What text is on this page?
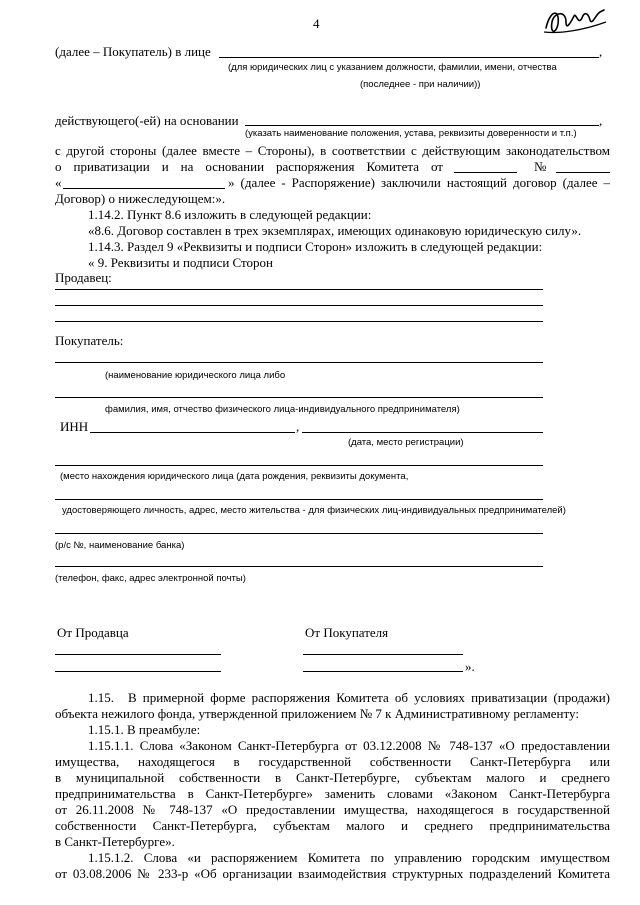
4
(далее – Покупатель) в лице	,
(для юридических лиц с указанием должности, фамилии, имени, отчества
(последнее - при наличии))
действующего(-ей) на основании	,
(указать наименование положения, устава, реквизиты доверенности и т.п.)
с другой стороны (далее вместе – Стороны), в соответствии с действующим законодательством
о приватизации и на основании распоряжения Комитета от	№
«	» (далее - Распоряжение) заключили настоящий договор (далее –
Договор) о нижеследующем:».
1.14.2. Пункт 8.6 изложить в следующей редакции:
«8.6. Договор составлен в трех экземплярах, имеющих одинаковую юридическую силу».
1.14.3. Раздел 9 «Реквизиты и подписи Сторон» изложить в следующей редакции:
« 9. Реквизиты и подписи Сторон
Продавец:
Покупатель:
(наименование юридического лица либо
фамилия, имя, отчество физического лица-индивидуального предпринимателя)
ИНН	,
(дата, место регистрации)
(место нахождения юридического лица (дата рождения, реквизиты документа,
удостоверяющего личность, адрес, место жительства - для физических лиц-индивидуальных предпринимателей)
(р/с №, наименование банка)
(телефон, факс, адрес электронной почты)
От Продавца	От Покупателя
».
1.15. В примерной форме распоряжения Комитета об условиях приватизации (продажи)
объекта нежилого фонда, утвержденной приложением № 7 к Административному регламенту:
1.15.1. В преамбуле:
1.15.1.1. Слова «Законом Санкт-Петербурга от 03.12.2008 № 748-137 «О предоставлении
имущества, находящегося в государственной собственности Санкт-Петербурга или
в муниципальной собственности в Санкт-Петербурге, субъектам малого и среднего
предпринимательства в Санкт-Петербурге» заменить словами «Законом Санкт-Петербурга
от 26.11.2008 № 748-137 «О предоставлении имущества, находящегося в государственной
собственности Санкт-Петербурга, субъектам малого и среднего предпринимательства
в Санкт-Петербурге».
1.15.1.2. Слова «и распоряжением Комитета по управлению городским имуществом
от 03.08.2006 № 233-р «Об организации взаимодействия структурных подразделений Комитета
